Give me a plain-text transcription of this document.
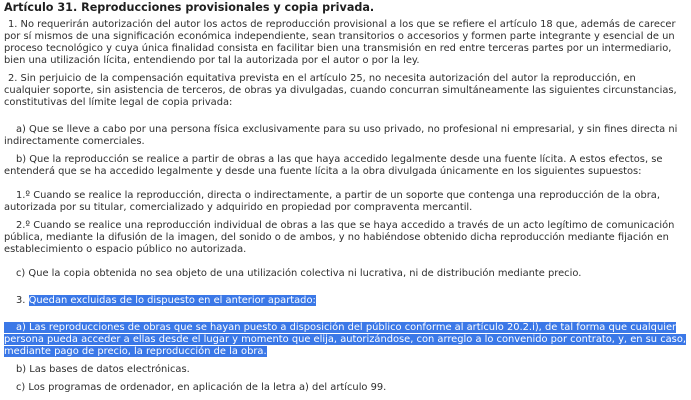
Artículo 31. Reproducciones provisionales y copia privada.
1. No requerirán autorización del autor los actos de reproducción provisional a los que se refiere el artículo 18 que, además de carecer
por sí mismos de una significación económica independiente, sean transitorios o accesorios y formen parte integrante y esencial de un
proceso tecnológico y cuya única finalidad consista en facilitar bien una transmisión en red entre terceras partes por un intermediario,
bien una utilización lícita, entendiendo por tal la autorizada por el autor o por la ley.
2. Sin perjuicio de la compensación equitativa prevista en el artículo 25, no necesita autorización del autor la reproducción, en
cualquier soporte, sin asistencia de terceros, de obras ya divulgadas, cuando concurran simultáneamente las siguientes circunstancias,
constitutivas del límite legal de copia privada:
a) Que se lleve a cabo por una persona física exclusivamente para su uso privado, no profesional ni empresarial, y sin fines directa ni
indirectamente comerciales.
b) Que la reproducción se realice a partir de obras a las que haya accedido legalmente desde una fuente lícita. A estos efectos, se
entenderá que se ha accedido legalmente y desde una fuente lícita a la obra divulgada únicamente en los siguientes supuestos:
1.º Cuando se realice la reproducción, directa o indirectamente, a partir de un soporte que contenga una reproducción de la obra,
autorizada por su titular, comercializado y adquirido en propiedad por compraventa mercantil.
2.º Cuando se realice una reproducción individual de obras a las que se haya accedido a través de un acto legítimo de comunicación
pública, mediante la difusión de la imagen, del sonido o de ambos, y no habiéndose obtenido dicha reproducción mediante fijación en
establecimiento o espacio público no autorizada.
c) Que la copia obtenida no sea objeto de una utilización colectiva ni lucrativa, ni de distribución mediante precio.
3. Quedan excluidas de lo dispuesto en el anterior apartado:
a) Las reproducciones de obras que se hayan puesto a disposición del público conforme al artículo 20.2.i), de tal forma que cualquier
persona pueda acceder a ellas desde el lugar y momento que elija, autorizándose, con arreglo a lo convenido por contrato, y, en su caso,
mediante pago de precio, la reproducción de la obra.
b) Las bases de datos electrónicas.
c) Los programas de ordenador, en aplicación de la letra a) del artículo 99.
